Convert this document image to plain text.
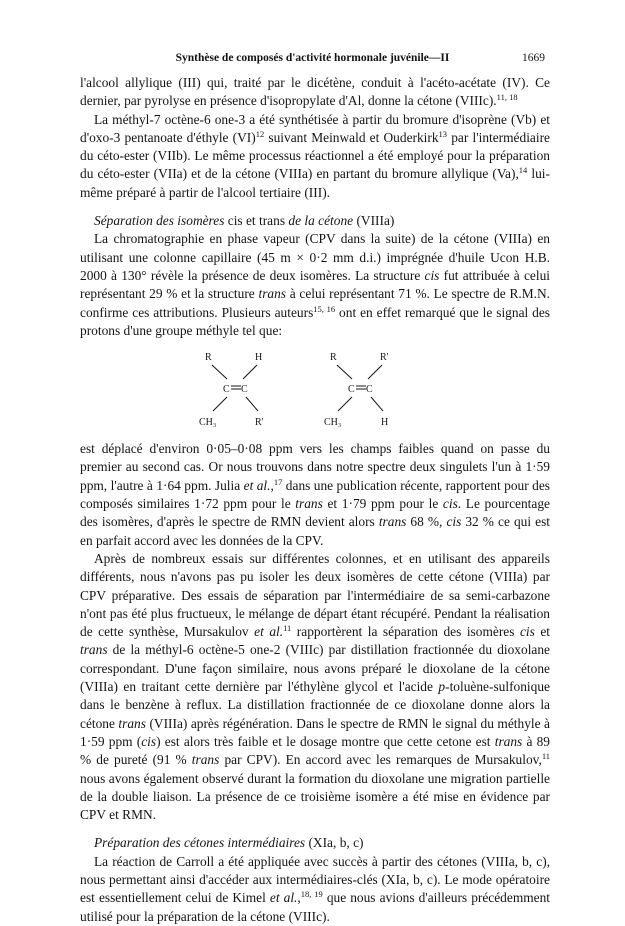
Synthèse de composés d'activité hormonale juvénile—II	1669

l'alcool allylique (III) qui, traité par le dicétène, conduit à l'acéto-acétate (IV). Ce dernier, par pyrolyse en présence d'isopropylate d'Al, donne la cétone (VIIIc).$^{11, 18}$

La méthyl-7 octène-6 one-3 a été synthétisée à partir du bromure d'isoprène (Vb) et d'oxo-3 pentanoate d'éthyle (VI)$^{12}$ suivant Meinwald et Ouderkirk$^{13}$ par l'intermédiaire du céto-ester (VIIb). Le même processus réactionnel a été employé pour la préparation du céto-ester (VIIa) et de la cétone (VIIIa) en partant du bromure allylique (Va),$^{14}$ lui-même préparé à partir de l'alcool tertiaire (III).

Séparation des isomères cis et trans de la cétone (VIIIa)

La chromatographie en phase vapeur (CPV dans la suite) de la cétone (VIIIa) en utilisant une colonne capillaire (45 m × 0·2 mm d.i.) imprégnée d'huile Ucon H.B. 2000 à 130° révèle la présence de deux isomères. La structure cis fut attribuée à celui représentant 29 % et la structure trans à celui représentant 71 %. Le spectre de R.M.N. confirme ces attributions. Plusieurs auteurs$^{15, 16}$ ont en effet remarqué que le signal des protons d'une groupe méthyle tel que:

R	H
C C
CH₃	R'
R	R'
C C
CH₃	H

est déplacé d'environ 0·05–0·08 ppm vers les champs faibles quand on passe du premier au second cas. Or nous trouvons dans notre spectre deux singulets l'un à 1·59 ppm, l'autre à 1·64 ppm. Julia et al.,$^{17}$ dans une publication récente, rapportent pour des composés similaires 1·72 ppm pour le trans et 1·79 ppm pour le cis. Le pourcentage des isomères, d'après le spectre de RMN devient alors trans 68 %, cis 32 % ce qui est en parfait accord avec les données de la CPV.

Après de nombreux essais sur différentes colonnes, et en utilisant des appareils différents, nous n'avons pas pu isoler les deux isomères de cette cétone (VIIIa) par CPV préparative. Des essais de séparation par l'intermédiaire de sa semi-carbazone n'ont pas été plus fructueux, le mélange de départ étant récupéré. Pendant la réalisation de cette synthèse, Mursakulov et al.$^{11}$ rapportèrent la séparation des isomères cis et trans de la méthyl-6 octène-5 one-2 (VIIIc) par distillation fractionnée du dioxolane correspondant. D'une façon similaire, nous avons préparé le dioxolane de la cétone (VIIIa) en traitant cette dernière par l'éthylène glycol et l'acide p-toluène-sulfonique dans le benzène à reflux. La distillation fractionnée de ce dioxolane donne alors la cétone trans (VIIIa) après régénération. Dans le spectre de RMN le signal du méthyle à 1·59 ppm (cis) est alors très faible et le dosage montre que cette cetone est trans à 89 % de pureté (91 % trans par CPV). En accord avec les remarques de Mursakulov,$^{11}$ nous avons également observé durant la formation du dioxolane une migration partielle de la double liaison. La présence de ce troisième isomère a été mise en évidence par CPV et RMN.

Préparation des cétones intermédiaires (XIa, b, c)

La réaction de Carroll a été appliquée avec succès à partir des cétones (VIIIa, b, c), nous permettant ainsi d'accéder aux intermédiaires-clés (XIa, b, c). Le mode opératoire est essentiellement celui de Kimel et al.,$^{18, 19}$ que nous avions d'ailleurs précédemment utilisé pour la préparation de la cétone (VIIIc).
